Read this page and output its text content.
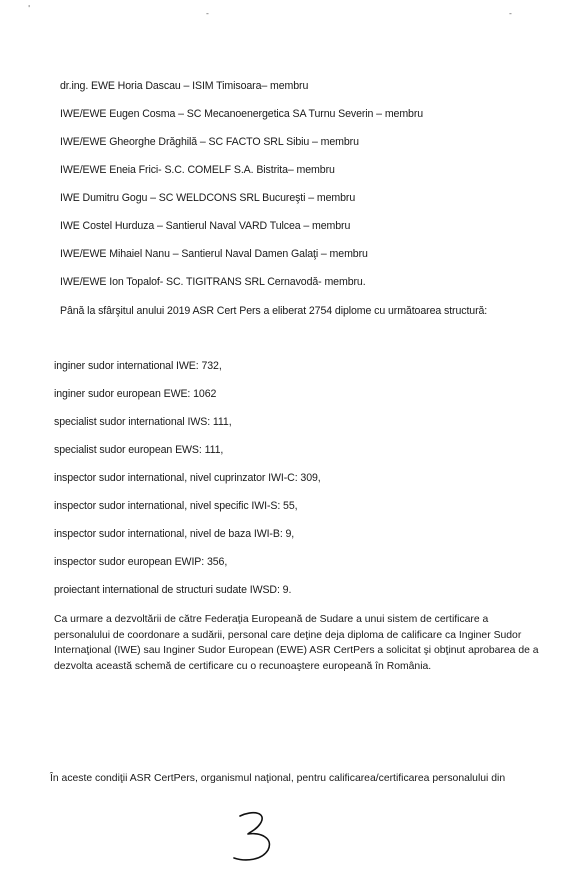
'
-	-
dr.ing. EWE Horia Dascau – ISIM Timisoara– membru
IWE/EWE Eugen Cosma – SC Mecanoenergetica SA Turnu Severin – membru
IWE/EWE Gheorghe Drăghilă – SC FACTO SRL Sibiu – membru
IWE/EWE Eneia Frici- S.C. COMELF S.A. Bistrita– membru
IWE Dumitru Gogu – SC WELDCONS SRL Bucureşti – membru
IWE Costel Hurduza – Santierul Naval VARD Tulcea – membru
IWE/EWE Mihaiel Nanu – Santierul Naval Damen Galaţi – membru
IWE/EWE Ion Topalof- SC. TIGITRANS SRL Cernavodă- membru.
Până la sfârşitul anului 2019 ASR Cert Pers a eliberat 2754 diplome cu următoarea structură:
inginer sudor international IWE: 732,
inginer sudor european EWE: 1062
specialist sudor international IWS: 111,
specialist sudor european EWS: 111,
inspector sudor international, nivel cuprinzator IWI-C: 309,
inspector sudor international, nivel specific IWI-S: 55,
inspector sudor international, nivel de baza IWI-B: 9,
inspector sudor european EWIP: 356,
proiectant international de structuri sudate IWSD: 9.

Ca urmare a dezvoltării de către Federaţia Europeană de Sudare a unui sistem de certificare a

personalului de coordonare a sudării, personal care deţine deja diploma de calificare ca Inginer Sudor

Internaţional (IWE) sau Inginer Sudor European (EWE) ASR CertPers a solicitat şi obţinut aprobarea de a

dezvolta această schemă de certificare cu o recunoaştere europeană în România.

În aceste condiţii ASR CertPers, organismul naţional, pentru calificarea/certificarea personalului din
